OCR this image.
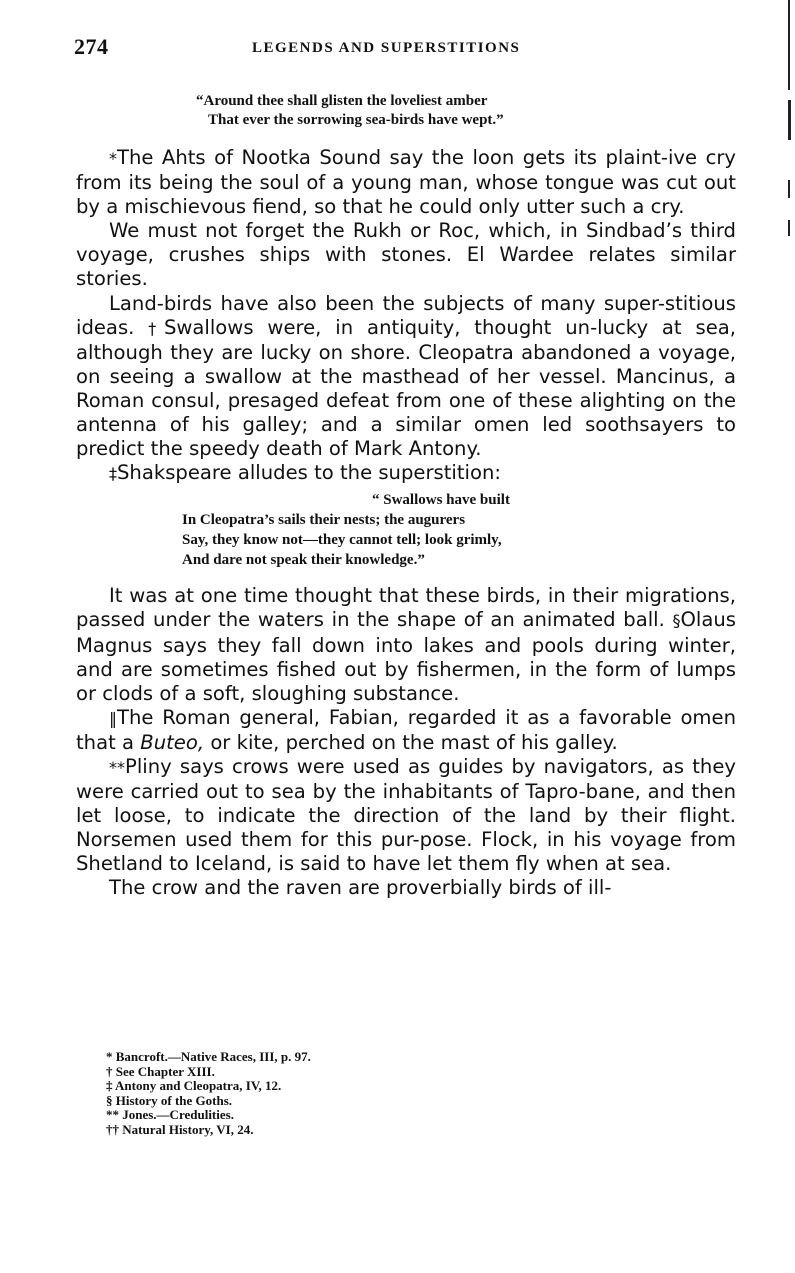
274	LEGENDS AND SUPERSTITIONS
“Around thee shall glisten the loveliest amber
That ever the sorrowing sea-birds have wept.”

*The Ahts of Nootka Sound say the loon gets its plaint-ive cry from its being the soul of a young man, whose tongue was cut out by a mischievous fiend, so that he could only utter such a cry.

We must not forget the Rukh or Roc, which, in Sindbad’s third voyage, crushes ships with stones. El Wardee relates similar stories.

Land-birds have also been the subjects of many super-stitious ideas. †Swallows were, in antiquity, thought un-lucky at sea, although they are lucky on shore. Cleopatra abandoned a voyage, on seeing a swallow at the masthead of her vessel. Mancinus, a Roman consul, presaged defeat from one of these alighting on the antenna of his galley; and a similar omen led soothsayers to predict the speedy death of Mark Antony.

‡Shakspeare alludes to the superstition:

“ Swallows have built
In Cleopatra’s sails their nests; the augurers
Say, they know not—they cannot tell; look grimly,
And dare not speak their knowledge.”

It was at one time thought that these birds, in their migrations, passed under the waters in the shape of an animated ball. §Olaus Magnus says they fall down into lakes and pools during winter, and are sometimes fished out by fishermen, in the form of lumps or clods of a soft, sloughing substance.

‖The Roman general, Fabian, regarded it as a favorable omen that a Buteo, or kite, perched on the mast of his galley.

**Pliny says crows were used as guides by navigators, as they were carried out to sea by the inhabitants of Tapro-bane, and then let loose, to indicate the direction of the land by their flight. Norsemen used them for this pur-pose. Flock, in his voyage from Shetland to Iceland, is said to have let them fly when at sea.

The crow and the raven are proverbially birds of ill-

* Bancroft.—Native Races, III, p. 97.
† See Chapter XIII.
‡ Antony and Cleopatra, IV, 12.
§ History of the Goths.
** Jones.—Credulities.
†† Natural History, VI, 24.
